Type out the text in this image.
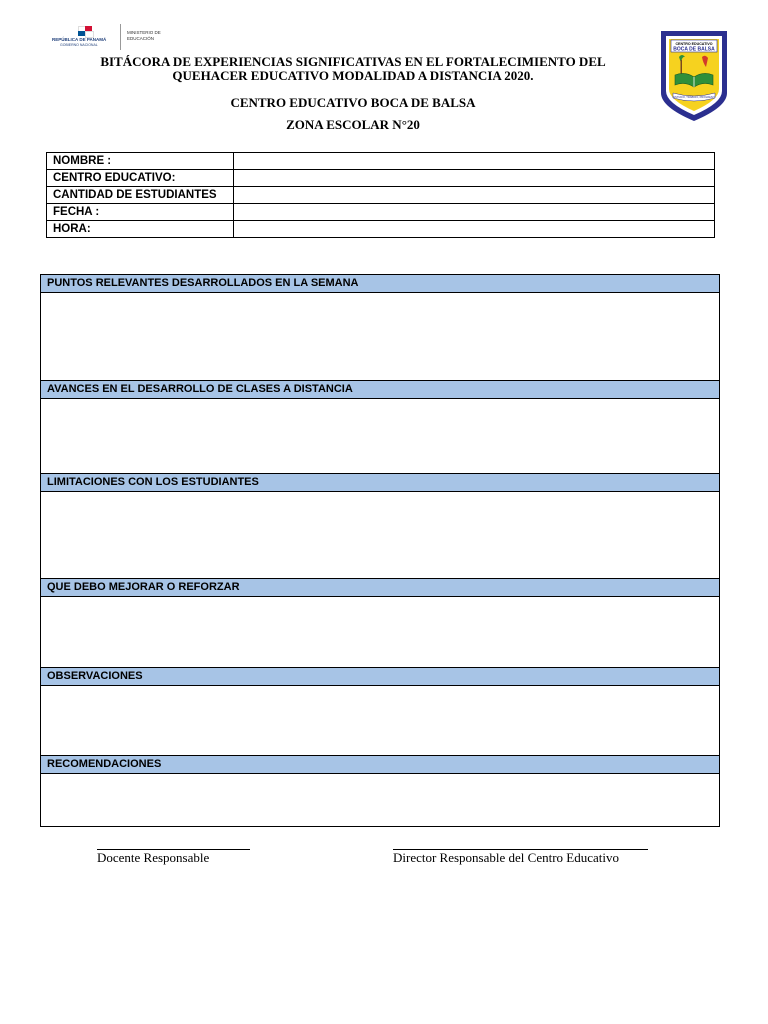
REPÚBLICA DE PANAMÁ
GOBIERNO NACIONAL
MINISTERIO DE
EDUCACIÓN
BITÁCORA DE EXPERIENCIAS SIGNIFICATIVAS EN EL FORTALECIMIENTO DEL
QUEHACER EDUCATIVO MODALIDAD A DISTANCIA 2020.
CENTRO EDUCATIVO BOCA DE BALSA
ZONA ESCOLAR N°20
CENTRO EDUCATIVO
BOCA DE BALSA
ESTUDIO, TRABAJO, PROGRESO
NOMBRE :	
CENTRO EDUCATIVO:	
CANTIDAD DE ESTUDIANTES	
FECHA :	
HORA:	
PUNTOS RELEVANTES DESARROLLADOS EN LA SEMANA
AVANCES EN EL DESARROLLO DE CLASES A DISTANCIA
LIMITACIONES CON LOS ESTUDIANTES
QUE DEBO MEJORAR O REFORZAR
OBSERVACIONES
RECOMENDACIONES
Docente Responsable	Director Responsable del Centro Educativo
